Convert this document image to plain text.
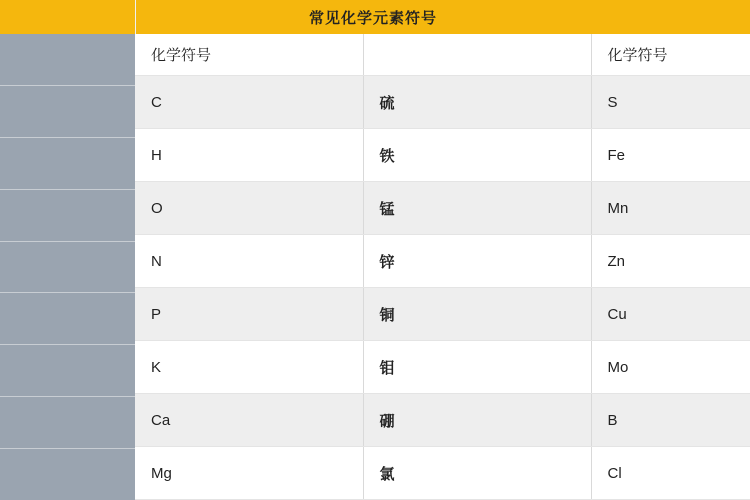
常见化学元素符号
化学符号		化学符号
C	硫	S
H	铁	Fe
O	锰	Mn
N	锌	Zn
P	铜	Cu
K	钼	Mo
Ca	硼	B
Mg	氯	Cl
